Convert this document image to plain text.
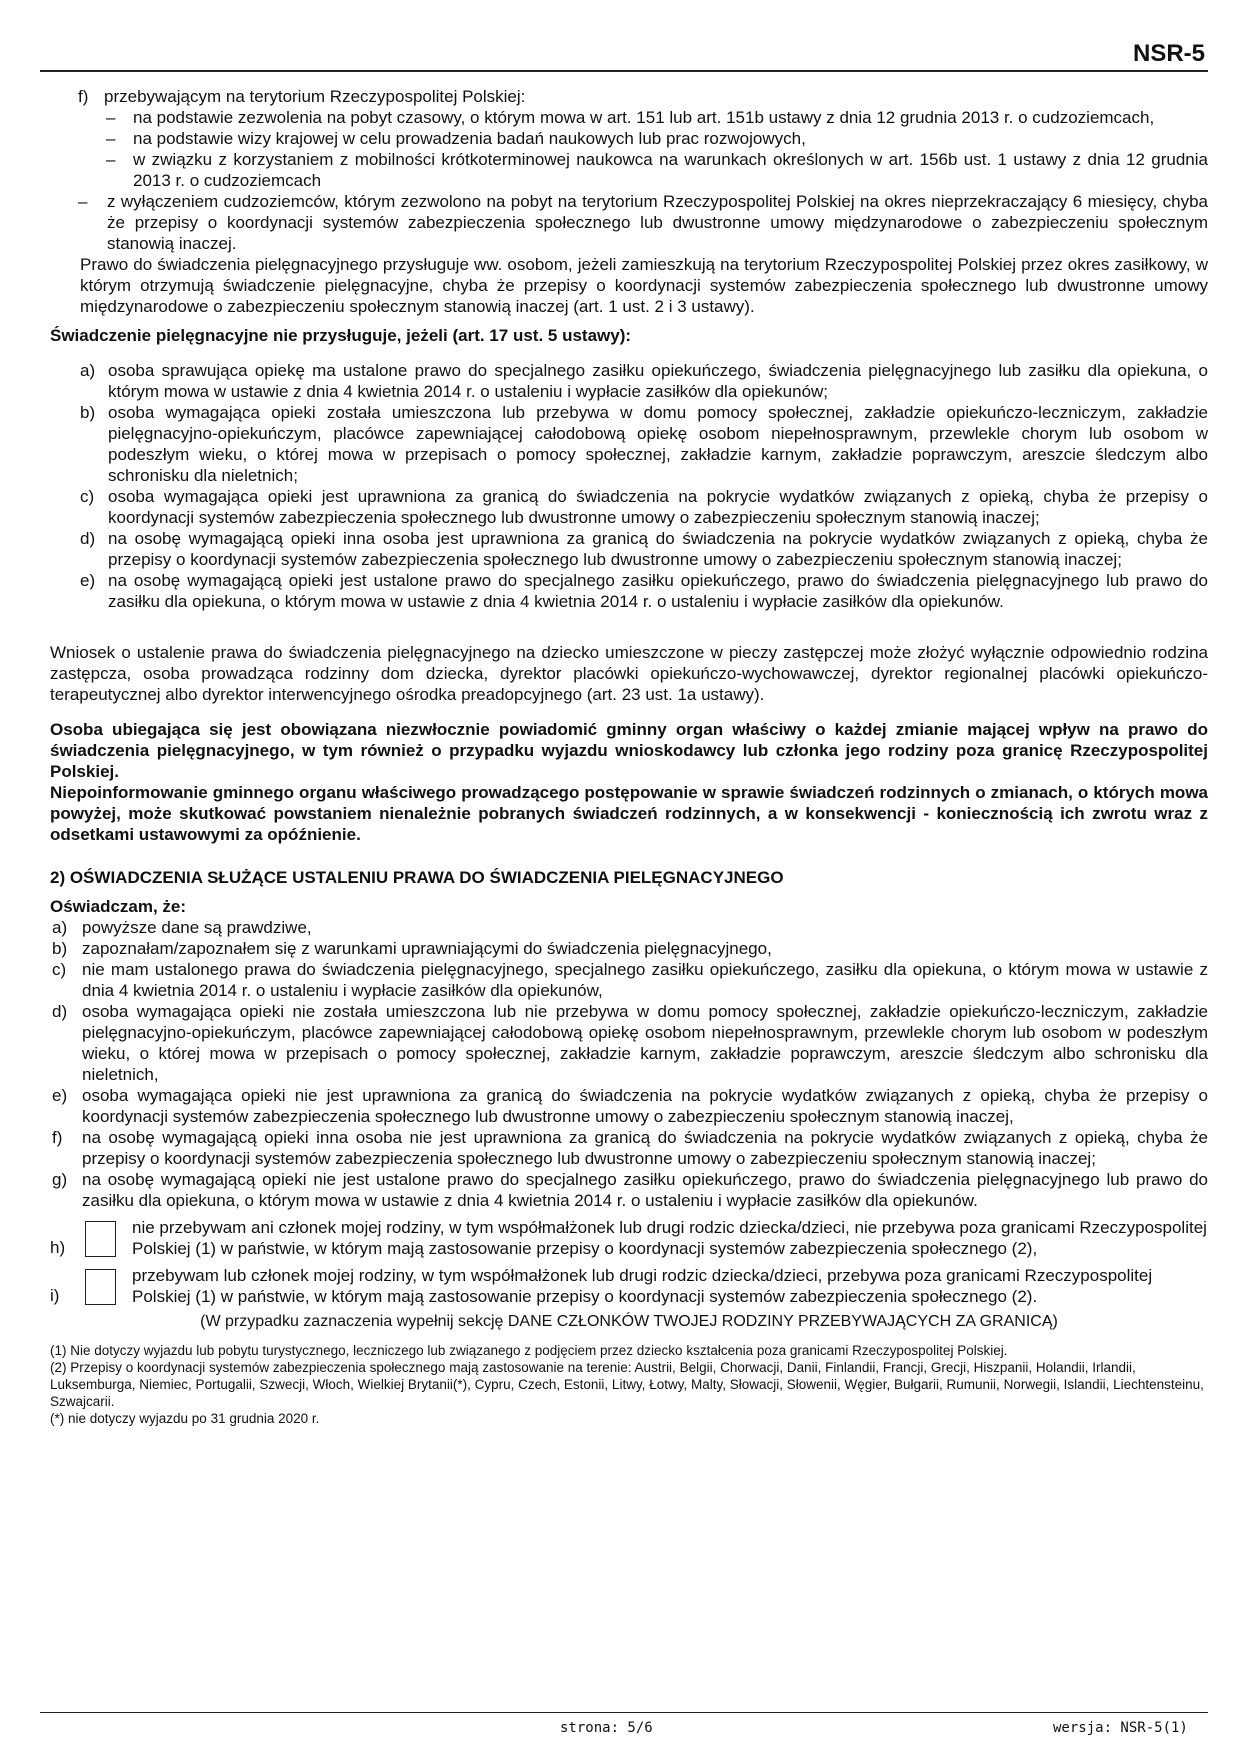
NSR-5
f) przebywającym na terytorium Rzeczypospolitej Polskiej:

– na podstawie zezwolenia na pobyt czasowy, o którym mowa w art. 151 lub art. 151b ustawy z dnia 12 grudnia 2013 r. o cudzoziemcach,

– na podstawie wizy krajowej w celu prowadzenia badań naukowych lub prac rozwojowych,

– w związku z korzystaniem z mobilności krótkoterminowej naukowca na warunkach określonych w art. 156b ust. 1 ustawy z dnia 12 grudnia 2013 r. o cudzoziemcach

– z wyłączeniem cudzoziemców, którym zezwolono na pobyt na terytorium Rzeczypospolitej Polskiej na okres nieprzekraczający 6 miesięcy, chyba że przepisy o koordynacji systemów zabezpieczenia społecznego lub dwustronne umowy międzynarodowe o zabezpieczeniu społecznym stanowią inaczej.

Prawo do świadczenia pielęgnacyjnego przysługuje ww. osobom, jeżeli zamieszkują na terytorium Rzeczypospolitej Polskiej przez okres zasiłkowy, w którym otrzymują świadczenie pielęgnacyjne, chyba że przepisy o koordynacji systemów zabezpieczenia społecznego lub dwustronne umowy międzynarodowe o zabezpieczeniu społecznym stanowią inaczej (art. 1 ust. 2 i 3 ustawy).

Świadczenie pielęgnacyjne nie przysługuje, jeżeli (art. 17 ust. 5 ustawy):

a) osoba sprawująca opiekę ma ustalone prawo do specjalnego zasiłku opiekuńczego, świadczenia pielęgnacyjnego lub zasiłku dla opiekuna, o którym mowa w ustawie z dnia 4 kwietnia 2014 r. o ustaleniu i wypłacie zasiłków dla opiekunów;

b) osoba wymagająca opieki została umieszczona lub przebywa w domu pomocy społecznej, zakładzie opiekuńczo-leczniczym, zakładzie pielęgnacyjno-opiekuńczym, placówce zapewniającej całodobową opiekę osobom niepełnosprawnym, przewlekle chorym lub osobom w podeszłym wieku, o której mowa w przepisach o pomocy społecznej, zakładzie karnym, zakładzie poprawczym, areszcie śledczym albo schronisku dla nieletnich;

c) osoba wymagająca opieki jest uprawniona za granicą do świadczenia na pokrycie wydatków związanych z opieką, chyba że przepisy o koordynacji systemów zabezpieczenia społecznego lub dwustronne umowy o zabezpieczeniu społecznym stanowią inaczej;

d) na osobę wymagającą opieki inna osoba jest uprawniona za granicą do świadczenia na pokrycie wydatków związanych z opieką, chyba że przepisy o koordynacji systemów zabezpieczenia społecznego lub dwustronne umowy o zabezpieczeniu społecznym stanowią inaczej;

e) na osobę wymagającą opieki jest ustalone prawo do specjalnego zasiłku opiekuńczego, prawo do świadczenia pielęgnacyjnego lub prawo do zasiłku dla opiekuna, o którym mowa w ustawie z dnia 4 kwietnia 2014 r. o ustaleniu i wypłacie zasiłków dla opiekunów.

Wniosek o ustalenie prawa do świadczenia pielęgnacyjnego na dziecko umieszczone w pieczy zastępczej może złożyć wyłącznie odpowiednio rodzina zastępcza, osoba prowadząca rodzinny dom dziecka, dyrektor placówki opiekuńczo-wychowawczej, dyrektor regionalnej placówki opiekuńczo-terapeutycznej albo dyrektor interwencyjnego ośrodka preadopcyjnego (art. 23 ust. 1a ustawy).

Osoba ubiegająca się jest obowiązana niezwłocznie powiadomić gminny organ właściwy o każdej zmianie mającej wpływ na prawo do świadczenia pielęgnacyjnego, w tym również o przypadku wyjazdu wnioskodawcy lub członka jego rodziny poza granicę Rzeczypospolitej Polskiej.

Niepoinformowanie gminnego organu właściwego prowadzącego postępowanie w sprawie świadczeń rodzinnych o zmianach, o których mowa powyżej, może skutkować powstaniem nienależnie pobranych świadczeń rodzinnych, a w konsekwencji - koniecznością ich zwrotu wraz z odsetkami ustawowymi za opóźnienie.

2) OŚWIADCZENIA SŁUŻĄCE USTALENIU PRAWA DO ŚWIADCZENIA PIELĘGNACYJNEGO

Oświadczam, że:

a) powyższe dane są prawdziwe,

b) zapoznałam/zapoznałem się z warunkami uprawniającymi do świadczenia pielęgnacyjnego,

c) nie mam ustalonego prawa do świadczenia pielęgnacyjnego, specjalnego zasiłku opiekuńczego, zasiłku dla opiekuna, o którym mowa w ustawie z dnia 4 kwietnia 2014 r. o ustaleniu i wypłacie zasiłków dla opiekunów,

d) osoba wymagająca opieki nie została umieszczona lub nie przebywa w domu pomocy społecznej, zakładzie opiekuńczo-leczniczym, zakładzie pielęgnacyjno-opiekuńczym, placówce zapewniającej całodobową opiekę osobom niepełnosprawnym, przewlekle chorym lub osobom w podeszłym wieku, o której mowa w przepisach o pomocy społecznej, zakładzie karnym, zakładzie poprawczym, areszcie śledczym albo schronisku dla nieletnich,

e) osoba wymagająca opieki nie jest uprawniona za granicą do świadczenia na pokrycie wydatków związanych z opieką, chyba że przepisy o koordynacji systemów zabezpieczenia społecznego lub dwustronne umowy o zabezpieczeniu społecznym stanowią inaczej,

f) na osobę wymagającą opieki inna osoba nie jest uprawniona za granicą do świadczenia na pokrycie wydatków związanych z opieką, chyba że przepisy o koordynacji systemów zabezpieczenia społecznego lub dwustronne umowy o zabezpieczeniu społecznym stanowią inaczej;

g) na osobę wymagającą opieki nie jest ustalone prawo do specjalnego zasiłku opiekuńczego, prawo do świadczenia pielęgnacyjnego lub prawo do zasiłku dla opiekuna, o którym mowa w ustawie z dnia 4 kwietnia 2014 r. o ustaleniu i wypłacie zasiłków dla opiekunów.

h)

nie przebywam ani członek mojej rodziny, w tym współmałżonek lub drugi rodzic dziecka/dzieci, nie przebywa poza granicami Rzeczypospolitej Polskiej (1) w państwie, w którym mają zastosowanie przepisy o koordynacji systemów zabezpieczenia społecznego (2),

i)

przebywam lub członek mojej rodziny, w tym współmałżonek lub drugi rodzic dziecka/dzieci, przebywa poza granicami Rzeczypospolitej Polskiej (1) w państwie, w którym mają zastosowanie przepisy o koordynacji systemów zabezpieczenia społecznego (2).

(W przypadku zaznaczenia wypełnij sekcję DANE CZŁONKÓW TWOJEJ RODZINY PRZEBYWAJĄCYCH ZA GRANICĄ)

(1) Nie dotyczy wyjazdu lub pobytu turystycznego, leczniczego lub związanego z podjęciem przez dziecko kształcenia poza granicami Rzeczypospolitej Polskiej.

(2) Przepisy o koordynacji systemów zabezpieczenia społecznego mają zastosowanie na terenie: Austrii, Belgii, Chorwacji, Danii, Finlandii, Francji, Grecji, Hiszpanii, Holandii, Irlandii, Luksemburga, Niemiec, Portugalii, Szwecji, Włoch, Wielkiej Brytanii(*), Cypru, Czech, Estonii, Litwy, Łotwy, Malty, Słowacji, Słowenii, Węgier, Bułgarii, Rumunii, Norwegii, Islandii, Liechtensteinu, Szwajcarii.

(*) nie dotyczy wyjazdu po 31 grudnia 2020 r.

strona: 5/6	wersja: NSR-5(1)
